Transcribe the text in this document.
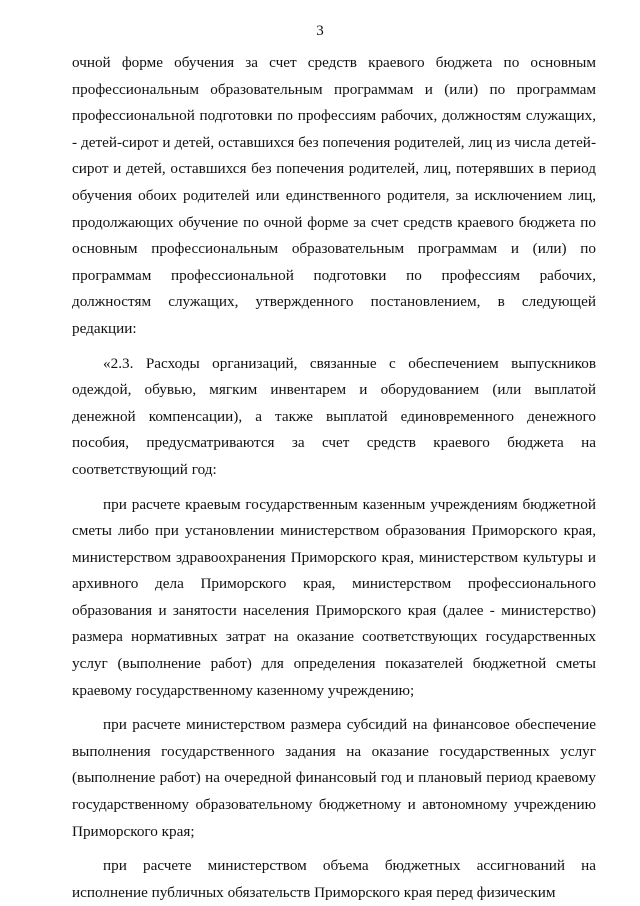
3

очной форме обучения за счет средств краевого бюджета по основным профессиональным образовательным программам и (или) по программам профессиональной подготовки по профессиям рабочих, должностям служащих, - детей-сирот и детей, оставшихся без попечения родителей, лиц из числа детей-сирот и детей, оставшихся без попечения родителей, лиц, потерявших в период обучения обоих родителей или единственного родителя, за исключением лиц, продолжающих обучение по очной форме за счет средств краевого бюджета по основным профессиональным образовательным программам и (или) по программам профессиональной подготовки по профессиям рабочих, должностям служащих, утвержденного постановлением, в следующей редакции:

«2.3. Расходы организаций, связанные с обеспечением выпускников одеждой, обувью, мягким инвентарем и оборудованием (или выплатой денежной компенсации), а также выплатой единовременного денежного пособия, предусматриваются за счет средств краевого бюджета на соответствующий год:

при расчете краевым государственным казенным учреждениям бюджетной сметы либо при установлении министерством образования Приморского края, министерством здравоохранения Приморского края, министерством культуры и архивного дела Приморского края, министерством профессионального образования и занятости населения Приморского края (далее - министерство) размера нормативных затрат на оказание соответствующих государственных услуг (выполнение работ) для определения показателей бюджетной сметы краевому государственному казенному учреждению;

при расчете министерством размера субсидий на финансовое обеспечение выполнения государственного задания на оказание государственных услуг (выполнение работ) на очередной финансовый год и плановый период краевому государственному образовательному бюджетному и автономному учреждению Приморского края;

при расчете министерством объема бюджетных ассигнований на исполнение публичных обязательств Приморского края перед физическим
